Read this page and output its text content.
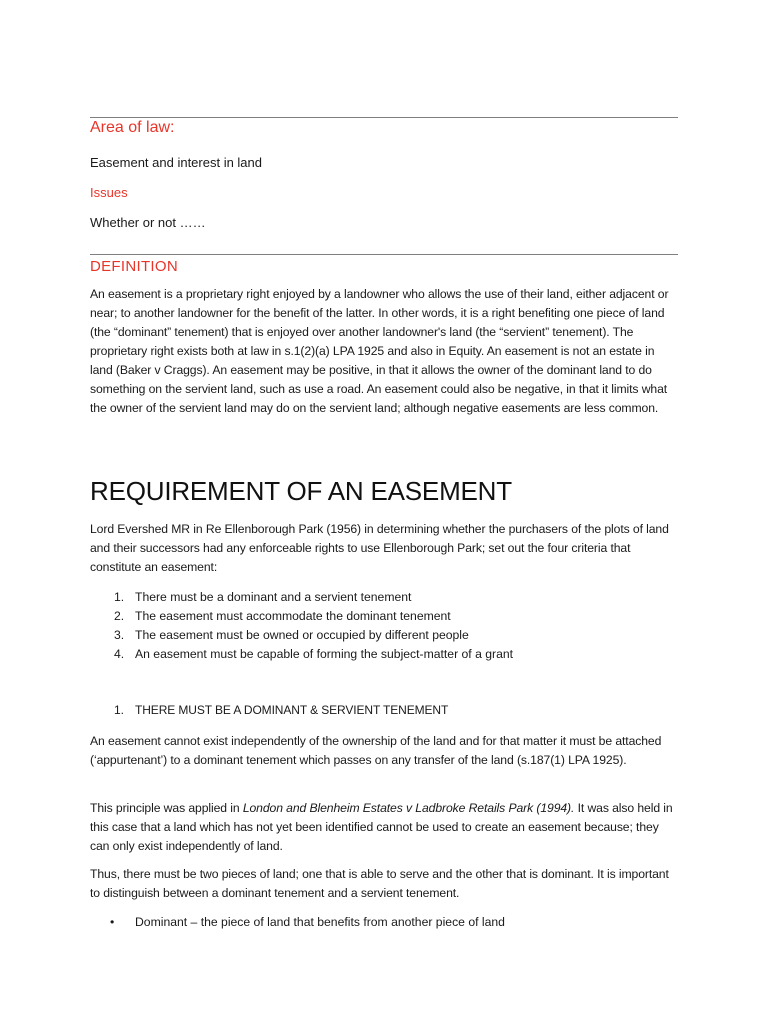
Area of law:
Easement and interest in land
Issues
Whether or not ……
DEFINITION
An easement is a proprietary right enjoyed by a landowner who allows the use of their land, either adjacent or near; to another landowner for the benefit of the latter. In other words, it is a right benefiting one piece of land (the “dominant” tenement) that is enjoyed over another landowner's land (the “servient” tenement). The proprietary right exists both at law in s.1(2)(a) LPA 1925 and also in Equity. An easement is not an estate in land (Baker v Craggs). An easement may be positive, in that it allows the owner of the dominant land to do something on the servient land, such as use a road. An easement could also be negative, in that it limits what the owner of the servient land may do on the servient land; although negative easements are less common.
REQUIREMENT OF AN EASEMENT
Lord Evershed MR in Re Ellenborough Park (1956) in determining whether the purchasers of the plots of land and their successors had any enforceable rights to use Ellenborough Park; set out the four criteria that constitute an easement:
1. There must be a dominant and a servient tenement
2. The easement must accommodate the dominant tenement
3. The easement must be owned or occupied by different people
4. An easement must be capable of forming the subject-matter of a grant
1. THERE MUST BE A DOMINANT & SERVIENT TENEMENT
An easement cannot exist independently of the ownership of the land and for that matter it must be attached (‘appurtenant’) to a dominant tenement which passes on any transfer of the land (s.187(1) LPA 1925).
This principle was applied in London and Blenheim Estates v Ladbroke Retails Park (1994). It was also held in this case that a land which has not yet been identified cannot be used to create an easement because; they can only exist independently of land.
Thus, there must be two pieces of land; one that is able to serve and the other that is dominant. It is important to distinguish between a dominant tenement and a servient tenement.
• Dominant – the piece of land that benefits from another piece of land
